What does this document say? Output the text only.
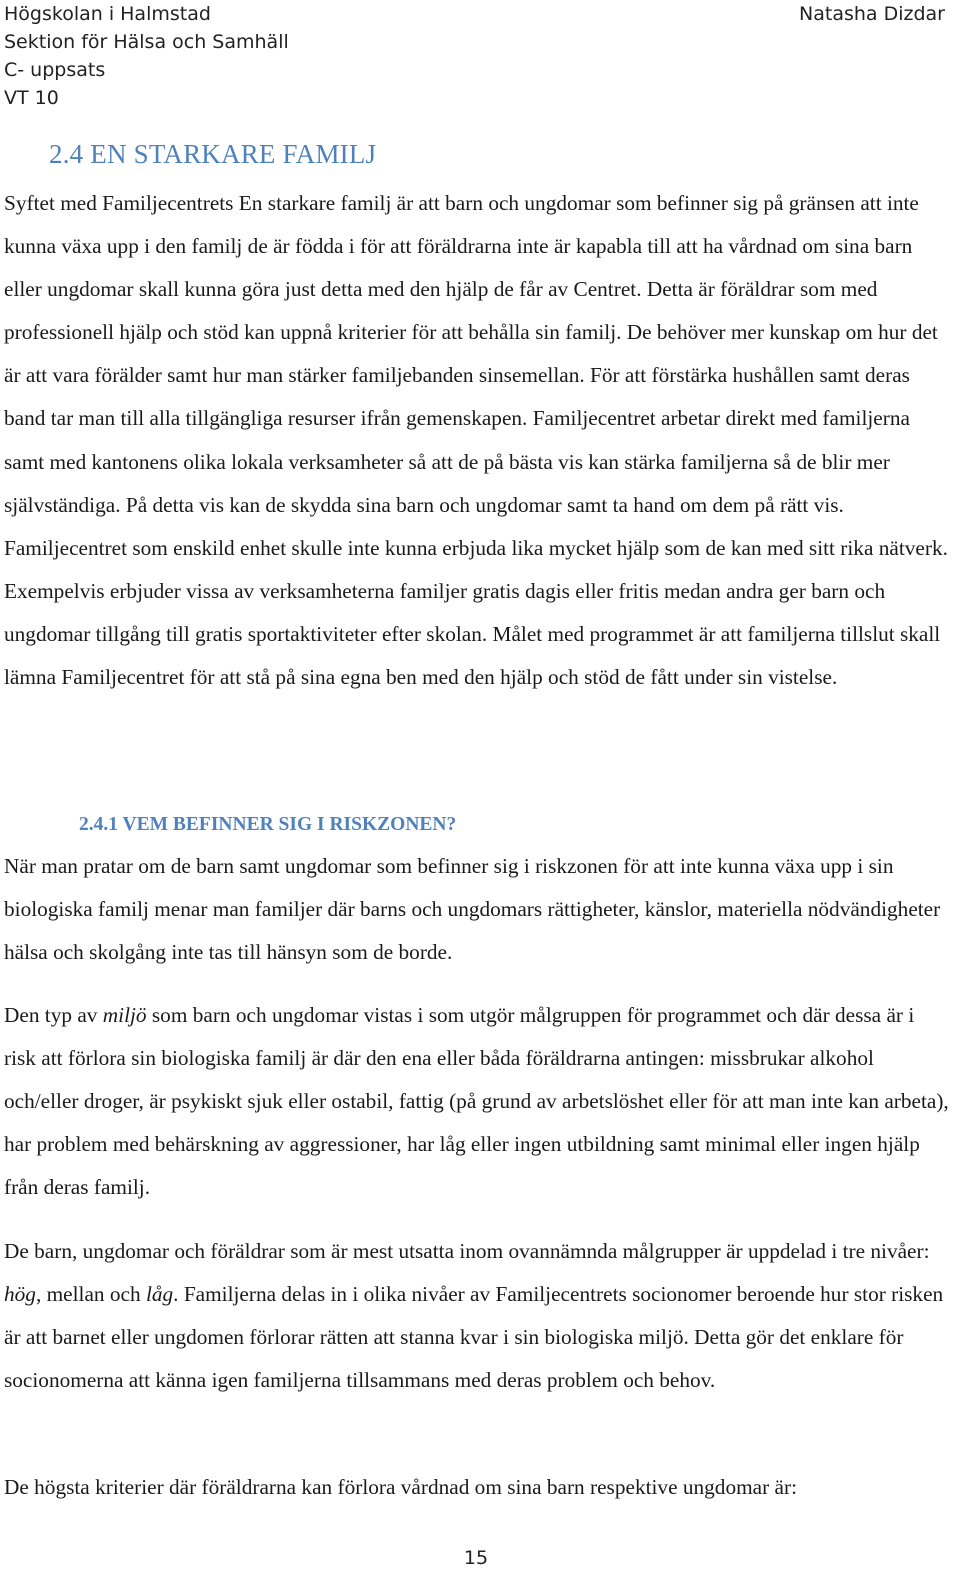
Högskolan i Halmstad
Sektion för Hälsa och Samhäll
C- uppsats
VT 10
Natasha Dizdar
2.4 EN STARKARE FAMILJ

Syftet med Familjecentrets En starkare familj är att barn och ungdomar som befinner sig på gränsen att inte kunna växa upp i den familj de är födda i för att föräldrarna inte är kapabla till att ha vårdnad om sina barn eller ungdomar skall kunna göra just detta med den hjälp de får av Centret. Detta är föräldrar som med professionell hjälp och stöd kan uppnå kriterier för att behålla sin familj. De behöver mer kunskap om hur det är att vara förälder samt hur man stärker familjebanden sinsemellan. För att förstärka hushållen samt deras band tar man till alla tillgängliga resurser ifrån gemenskapen. Familjecentret arbetar direkt med familjerna samt med kantonens olika lokala verksamheter så att de på bästa vis kan stärka familjerna så de blir mer självständiga. På detta vis kan de skydda sina barn och ungdomar samt ta hand om dem på rätt vis. Familjecentret som enskild enhet skulle inte kunna erbjuda lika mycket hjälp som de kan med sitt rika nätverk. Exempelvis erbjuder vissa av verksamheterna familjer gratis dagis eller fritis medan andra ger barn och ungdomar tillgång till gratis sportaktiviteter efter skolan. Målet med programmet är att familjerna tillslut skall lämna Familjecentret för att stå på sina egna ben med den hjälp och stöd de fått under sin vistelse.

2.4.1 VEM BEFINNER SIG I RISKZONEN?

När man pratar om de barn samt ungdomar som befinner sig i riskzonen för att inte kunna växa upp i sin biologiska familj menar man familjer där barns och ungdomars rättigheter, känslor, materiella nödvändigheter hälsa och skolgång inte tas till hänsyn som de borde.

Den typ av miljö som barn och ungdomar vistas i som utgör målgruppen för programmet och där dessa är i risk att förlora sin biologiska familj är där den ena eller båda föräldrarna antingen: missbrukar alkohol och/eller droger, är psykiskt sjuk eller ostabil, fattig (på grund av arbetslöshet eller för att man inte kan arbeta), har problem med behärskning av aggressioner, har låg eller ingen utbildning samt minimal eller ingen hjälp från deras familj.

De barn, ungdomar och föräldrar som är mest utsatta inom ovannämnda målgrupper är uppdelad i tre nivåer: hög, mellan och låg. Familjerna delas in i olika nivåer av Familjecentrets socionomer beroende hur stor risken är att barnet eller ungdomen förlorar rätten att stanna kvar i sin biologiska miljö. Detta gör det enklare för socionomerna att känna igen familjerna tillsammans med deras problem och behov.

De högsta kriterier där föräldrarna kan förlora vårdnad om sina barn respektive ungdomar är:

15
